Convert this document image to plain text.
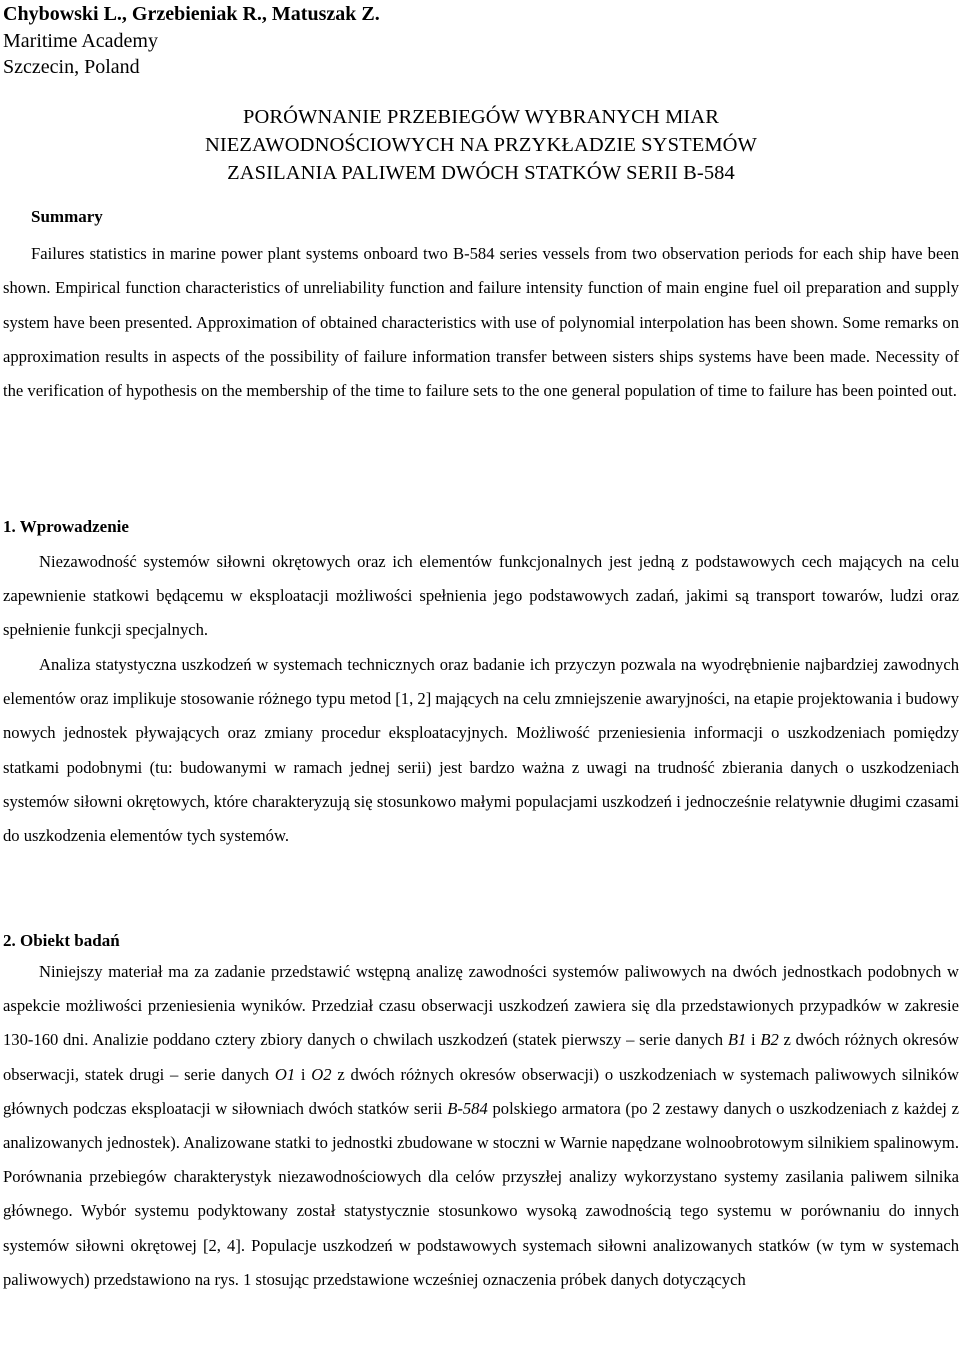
Chybowski L., Grzebieniak R., Matuszak Z.
Maritime Academy
Szczecin, Poland
PORÓWNANIE PRZEBIEGÓW WYBRANYCH MIAR
NIEZAWODNOŚCIOWYCH NA PRZYKŁADZIE SYSTEMÓW
ZASILANIA PALIWEM DWÓCH STATKÓW SERII B-584
Summary
Failures statistics in marine power plant systems onboard two B-584 series vessels from two observation periods for each ship have been shown. Empirical function characteristics of unreliability function and failure intensity function of main engine fuel oil preparation and supply system have been presented. Approximation of obtained characteristics with use of polynomial interpolation has been shown. Some remarks on approximation results in aspects of the possibility of failure information transfer between sisters ships systems have been made. Necessity of the verification of hypothesis on the membership of the time to failure sets to the one general population of time to failure has been pointed out.
1. Wprowadzenie

Niezawodność systemów siłowni okrętowych oraz ich elementów funkcjonalnych jest jedną z podstawowych cech mających na celu zapewnienie statkowi będącemu w eksploatacji możliwości spełnienia jego podstawowych zadań, jakimi są transport towarów, ludzi oraz spełnienie funkcji specjalnych.

Analiza statystyczna uszkodzeń w systemach technicznych oraz badanie ich przyczyn pozwala na wyodrębnienie najbardziej zawodnych elementów oraz implikuje stosowanie różnego typu metod [1, 2] mających na celu zmniejszenie awaryjności, na etapie projektowania i budowy nowych jednostek pływających oraz zmiany procedur eksploatacyjnych. Możliwość przeniesienia informacji o uszkodzeniach pomiędzy statkami podobnymi (tu: budowanymi w ramach jednej serii) jest bardzo ważna z uwagi na trudność zbierania danych o uszkodzeniach systemów siłowni okrętowych, które charakteryzują się stosunkowo małymi populacjami uszkodzeń i jednocześnie relatywnie długimi czasami do uszkodzenia elementów tych systemów.

2. Obiekt badań

Niniejszy materiał ma za zadanie przedstawić wstępną analizę zawodności systemów paliwowych na dwóch jednostkach podobnych w aspekcie możliwości przeniesienia wyników. Przedział czasu obserwacji uszkodzeń zawiera się dla przedstawionych przypadków w zakresie 130-160 dni. Analizie poddano cztery zbiory danych o chwilach uszkodzeń (statek pierwszy – serie danych B1 i B2 z dwóch różnych okresów obserwacji, statek drugi – serie danych O1 i O2 z dwóch różnych okresów obserwacji) o uszkodzeniach w systemach paliwowych silników głównych podczas eksploatacji w siłowniach dwóch statków serii B-584 polskiego armatora (po 2 zestawy danych o uszkodzeniach z każdej z analizowanych jednostek). Analizowane statki to jednostki zbudowane w stoczni w Warnie napędzane wolnoobrotowym silnikiem spalinowym. Porównania przebiegów charakterystyk niezawodnościowych dla celów przyszłej analizy wykorzystano systemy zasilania paliwem silnika głównego. Wybór systemu podyktowany został statystycznie stosunkowo wysoką zawodnością tego systemu w porównaniu do innych systemów siłowni okrętowej [2, 4]. Populacje uszkodzeń w podstawowych systemach siłowni analizowanych statków (w tym w systemach paliwowych) przedstawiono na rys. 1 stosując przedstawione wcześniej oznaczenia próbek danych dotyczących
